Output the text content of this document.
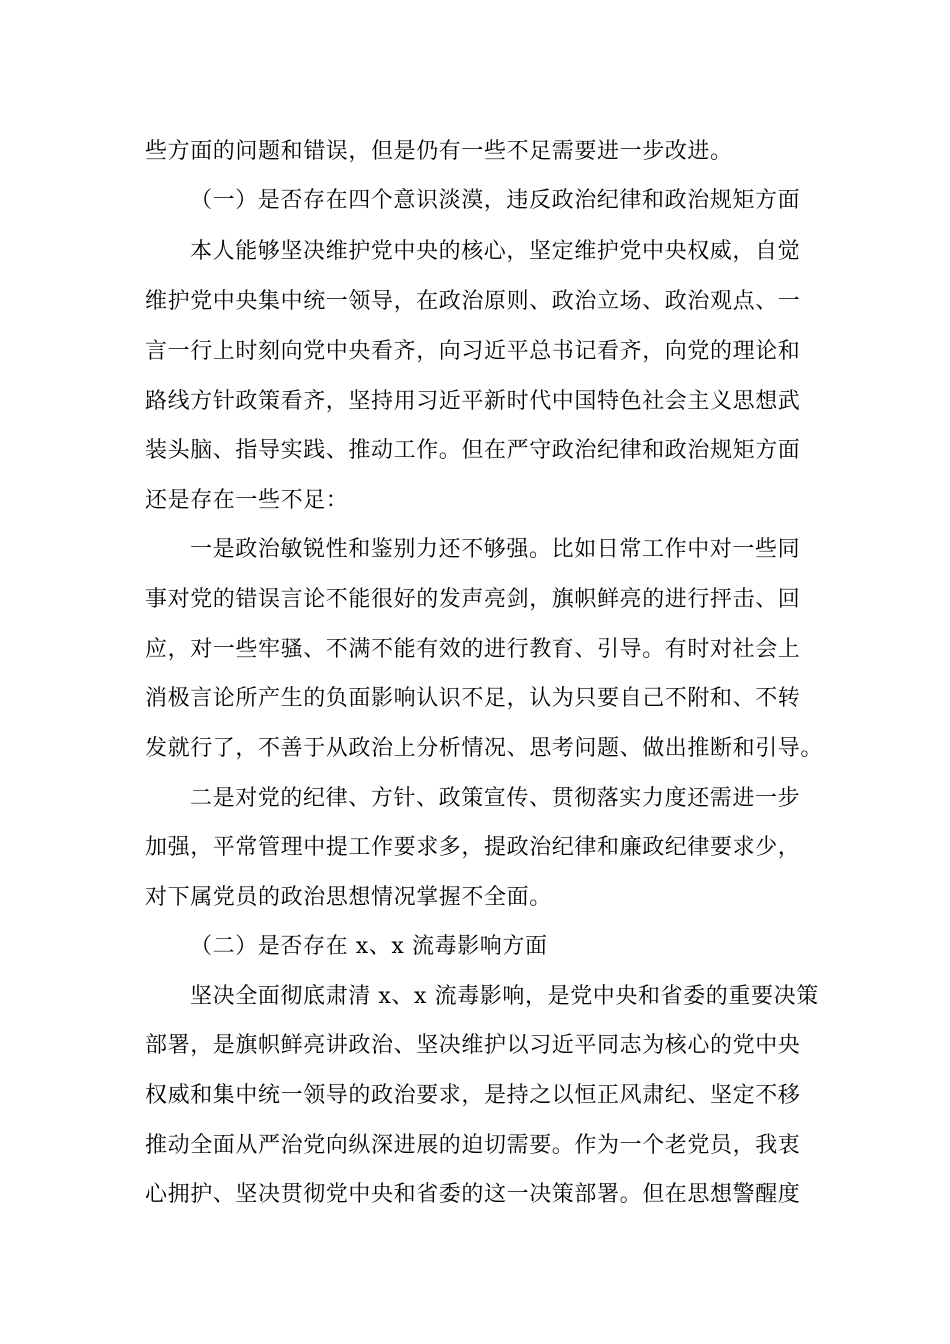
些方面的问题和错误，但是仍有一些不足需要进一步改进。
（一）是否存在四个意识淡漠，违反政治纪律和政治规矩方面
本人能够坚决维护党中央的核心，坚定维护党中央权威，自觉
维护党中央集中统一领导，在政治原则、政治立场、政治观点、一
言一行上时刻向党中央看齐，向习近平总书记看齐，向党的理论和
路线方针政策看齐，坚持用习近平新时代中国特色社会主义思想武
装头脑、指导实践、推动工作。但在严守政治纪律和政治规矩方面
还是存在一些不足：
一是政治敏锐性和鉴别力还不够强。比如日常工作中对一些同
事对党的错误言论不能很好的发声亮剑，旗帜鲜亮的进行抨击、回
应，对一些牢骚、不满不能有效的进行教育、引导。有时对社会上
消极言论所产生的负面影响认识不足，认为只要自己不附和、不转
发就行了，不善于从政治上分析情况、思考问题、做出推断和引导。
二是对党的纪律、方针、政策宣传、贯彻落实力度还需进一步
加强，平常管理中提工作要求多，提政治纪律和廉政纪律要求少，
对下属党员的政治思想情况掌握不全面。
（二）是否存在 x、x 流毒影响方面
坚决全面彻底肃清 x、x 流毒影响，是党中央和省委的重要决策
部署，是旗帜鲜亮讲政治、坚决维护以习近平同志为核心的党中央
权威和集中统一领导的政治要求，是持之以恒正风肃纪、坚定不移
推动全面从严治党向纵深进展的迫切需要。作为一个老党员，我衷
心拥护、坚决贯彻党中央和省委的这一决策部署。但在思想警醒度
